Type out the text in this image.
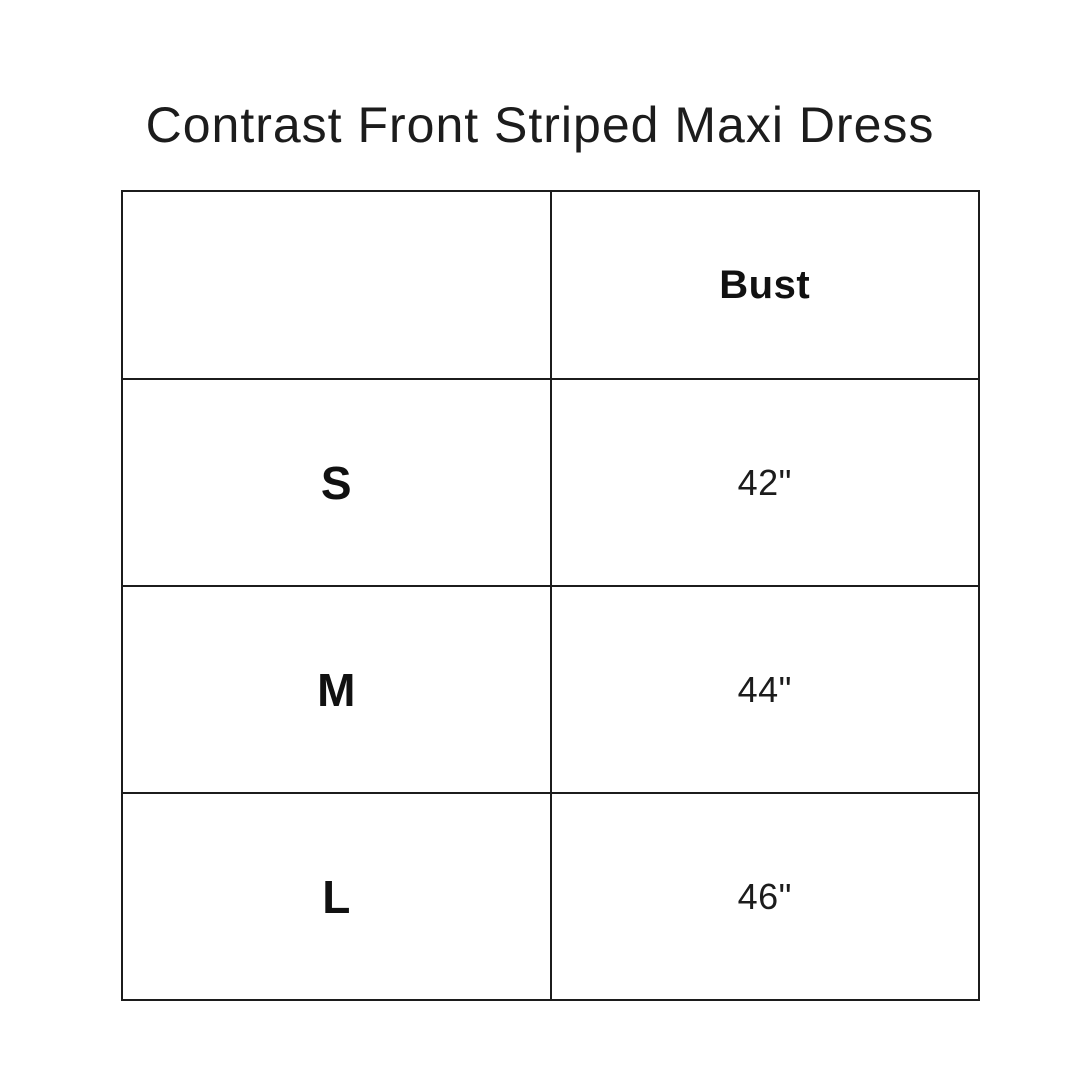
Contrast Front Striped Maxi Dress
	Bust
S	42"
M	44"
L	46"
